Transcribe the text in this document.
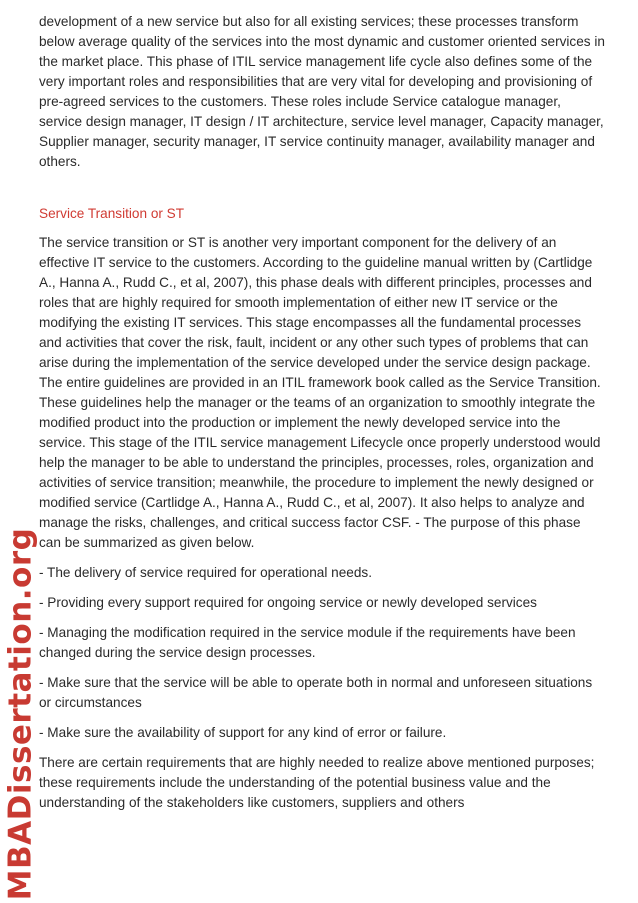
MBADissertation.org

development of a new service but also for all existing services; these processes transform below average quality of the services into the most dynamic and customer oriented services in the market place. This phase of ITIL service management life cycle also defines some of the very important roles and responsibilities that are very vital for developing and provisioning of pre-agreed services to the customers. These roles include Service catalogue manager, service design manager, IT design / IT architecture, service level manager, Capacity manager, Supplier manager, security manager, IT service continuity manager, availability manager and others.

Service Transition or ST

The service transition or ST is another very important component for the delivery of an effective IT service to the customers. According to the guideline manual written by (Cartlidge A., Hanna A., Rudd C., et al, 2007), this phase deals with different principles, processes and roles that are highly required for smooth implementation of either new IT service or the modifying the existing IT services. This stage encompasses all the fundamental processes and activities that cover the risk, fault, incident or any other such types of problems that can arise during the implementation of the service developed under the service design package. The entire guidelines are provided in an ITIL framework book called as the Service Transition. These guidelines help the manager or the teams of an organization to smoothly integrate the modified product into the production or implement the newly developed service into the service. This stage of the ITIL service management Lifecycle once properly understood would help the manager to be able to understand the principles, processes, roles, organization and activities of service transition; meanwhile, the procedure to implement the newly designed or modified service (Cartlidge A., Hanna A., Rudd C., et al, 2007). It also helps to analyze and manage the risks, challenges, and critical success factor CSF. - The purpose of this phase can be summarized as given below.

- The delivery of service required for operational needs.

- Providing every support required for ongoing service or newly developed services

- Managing the modification required in the service module if the requirements have been changed during the service design processes.

- Make sure that the service will be able to operate both in normal and unforeseen situations or circumstances

- Make sure the availability of support for any kind of error or failure.

There are certain requirements that are highly needed to realize above mentioned purposes; these requirements include the understanding of the potential business value and the understanding of the stakeholders like customers, suppliers and others
